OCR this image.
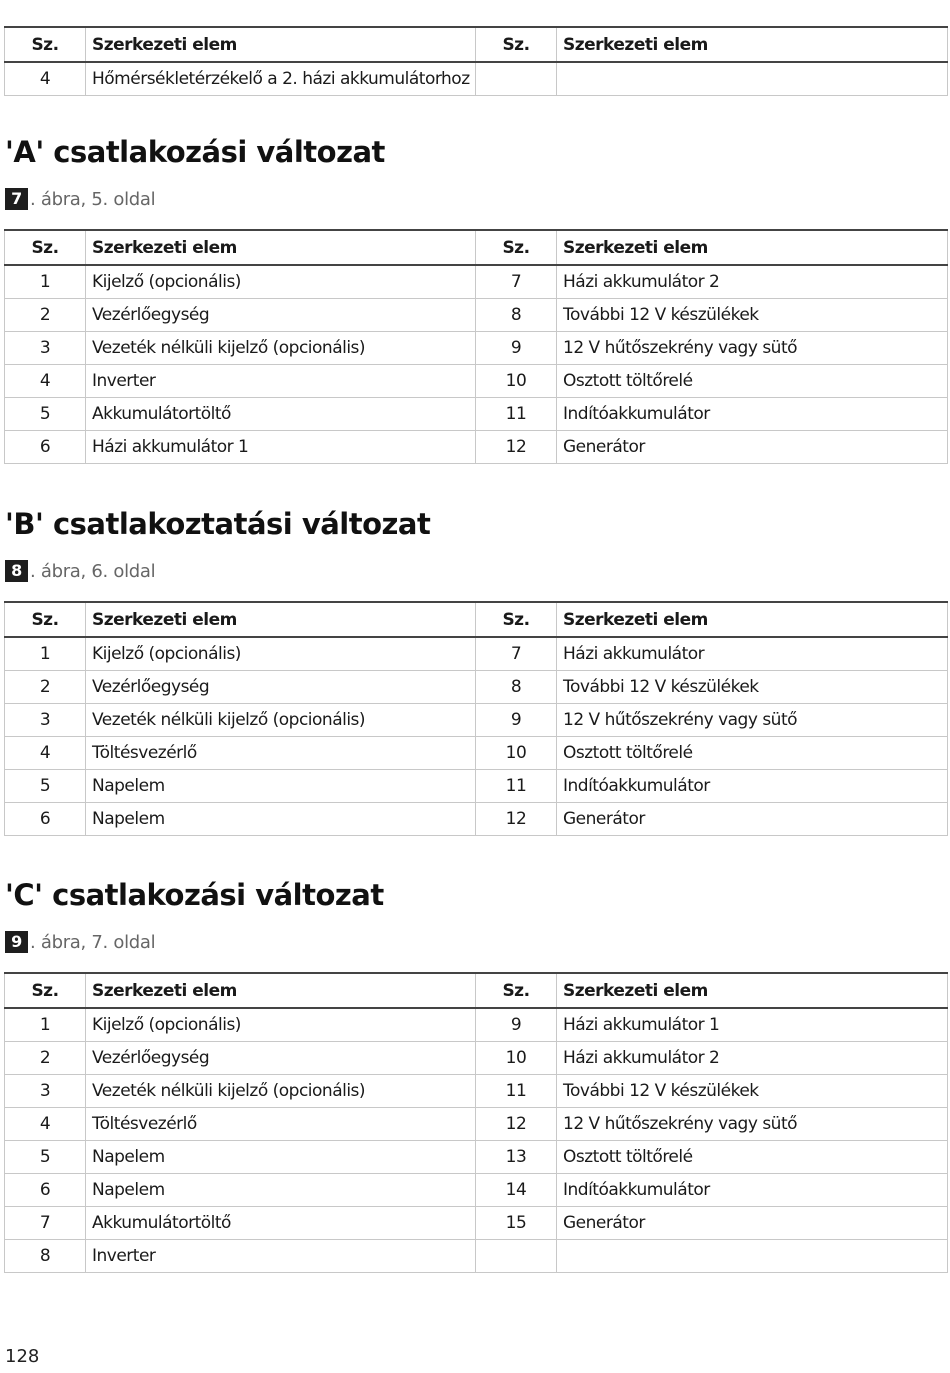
Sz.	Szerkezeti elem	Sz.	Szerkezeti elem
4	Hőmérsékletérzékelő a 2. házi akkumulátorhoz		
'A' csatlakozási változat
7 . ábra, 5. oldal
Sz.	Szerkezeti elem	Sz.	Szerkezeti elem
1	Kijelző (opcionális)	7	Házi akkumulátor 2
2	Vezérlőegység	8	További 12 V készülékek
3	Vezeték nélküli kijelző (opcionális)	9	12 V hűtőszekrény vagy sütő
4	Inverter	10	Osztott töltőrelé
5	Akkumulátortöltő	11	Indítóakkumulátor
6	Házi akkumulátor 1	12	Generátor
'B' csatlakoztatási változat
8 . ábra, 6. oldal
Sz.	Szerkezeti elem	Sz.	Szerkezeti elem
1	Kijelző (opcionális)	7	Házi akkumulátor
2	Vezérlőegység	8	További 12 V készülékek
3	Vezeték nélküli kijelző (opcionális)	9	12 V hűtőszekrény vagy sütő
4	Töltésvezérlő	10	Osztott töltőrelé
5	Napelem	11	Indítóakkumulátor
6	Napelem	12	Generátor
'C' csatlakozási változat
9 . ábra, 7. oldal
Sz.	Szerkezeti elem	Sz.	Szerkezeti elem
1	Kijelző (opcionális)	9	Házi akkumulátor 1
2	Vezérlőegység	10	Házi akkumulátor 2
3	Vezeték nélküli kijelző (opcionális)	11	További 12 V készülékek
4	Töltésvezérlő	12	12 V hűtőszekrény vagy sütő
5	Napelem	13	Osztott töltőrelé
6	Napelem	14	Indítóakkumulátor
7	Akkumulátortöltő	15	Generátor
8	Inverter		
128
